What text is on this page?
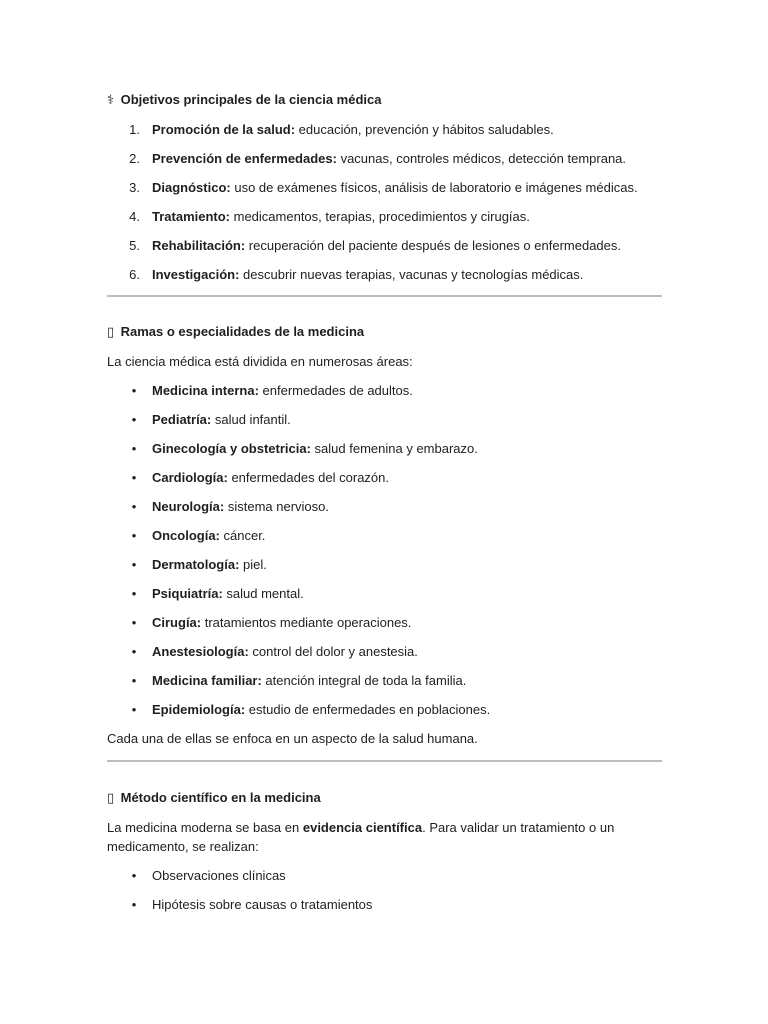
⚕ Objetivos principales de la ciencia médica

1. Promoción de la salud: educación, prevención y hábitos saludables.
2. Prevención de enfermedades: vacunas, controles médicos, detección temprana.
3. Diagnóstico: uso de exámenes físicos, análisis de laboratorio e imágenes médicas.
4. Tratamiento: medicamentos, terapias, procedimientos y cirugías.
5. Rehabilitación: recuperación del paciente después de lesiones o enfermedades.
6. Investigación: descubrir nuevas terapias, vacunas y tecnologías médicas.

▯ Ramas o especialidades de la medicina

La ciencia médica está dividida en numerosas áreas:

• Medicina interna: enfermedades de adultos.
• Pediatría: salud infantil.
• Ginecología y obstetricia: salud femenina y embarazo.
• Cardiología: enfermedades del corazón.
• Neurología: sistema nervioso.
• Oncología: cáncer.
• Dermatología: piel.
• Psiquiatría: salud mental.
• Cirugía: tratamientos mediante operaciones.
• Anestesiología: control del dolor y anestesia.
• Medicina familiar: atención integral de toda la familia.
• Epidemiología: estudio de enfermedades en poblaciones.

Cada una de ellas se enfoca en un aspecto de la salud humana.

▯ Método científico en la medicina

La medicina moderna se basa en evidencia científica. Para validar un tratamiento o un medicamento, se realizan:

• Observaciones clínicas
• Hipótesis sobre causas o tratamientos
